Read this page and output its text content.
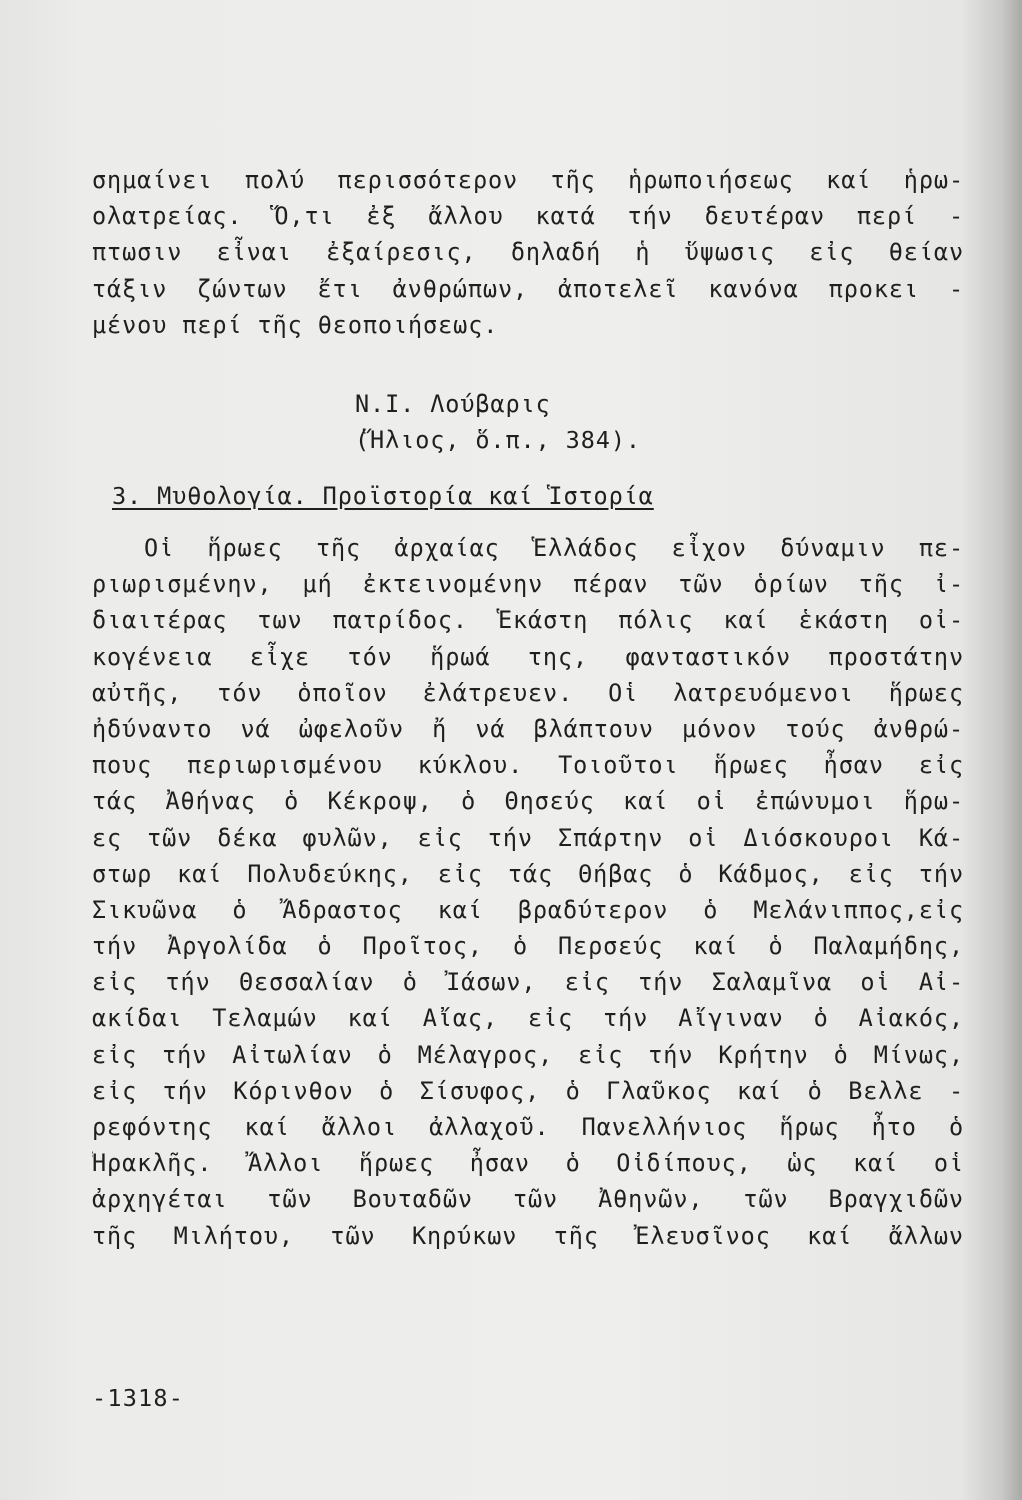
σημαίνει πολύ περισσότερον τῆς ἡρωποιήσεως καί ἡρω-
ολατρείας. Ὅ,τι ἐξ ἄλλου κατά τήν δευτέραν περί -
πτωσιν εἶναι ἐξαίρεσις, δηλαδή ἡ ὕψωσις εἰς θείαν
τάξιν ζώντων ἔτι ἀνθρώπων, ἀποτελεῖ κανόνα προκει -
μένου περί τῆς θεοποιήσεως.
Ν.Ι. Λούβαρις
(Ἥλιος, ὅ.π., 384).
3. Μυθολογία. Προϊστορία καί Ἱστορία
Οἱ ἥρωες τῆς ἀρχαίας Ἑλλάδος εἶχον δύναμιν πε-
ριωρισμένην, μή ἐκτεινομένην πέραν τῶν ὁρίων τῆς ἰ-
διαιτέρας των πατρίδος. Ἑκάστη πόλις καί ἑκάστη οἰ-
κογένεια εἶχε τόν ἥρωά της, φανταστικόν προστάτην
αὐτῆς, τόν ὁποῖον ἐλάτρευεν. Οἱ λατρευόμενοι ἥρωες
ἠδύναντο νά ὠφελοῦν ἤ νά βλάπτουν μόνον τούς ἀνθρώ-
πους περιωρισμένου κύκλου. Τοιοῦτοι ἥρωες ἦσαν εἰς
τάς Ἀθήνας ὁ Κέκροψ, ὁ Θησεύς καί οἱ ἐπώνυμοι ἥρω-
ες τῶν δέκα φυλῶν, εἰς τήν Σπάρτην οἱ Διόσκουροι Κά-
στωρ καί Πολυδεύκης, εἰς τάς Θήβας ὁ Κάδμος, εἰς τήν
Σικυῶνα ὁ Ἄδραστος καί βραδύτερον ὁ Μελάνιππος,εἰς
τήν Ἀργολίδα ὁ Προῖτος, ὁ Περσεύς καί ὁ Παλαμήδης,
εἰς τήν Θεσσαλίαν ὁ Ἰάσων, εἰς τήν Σαλαμῖνα οἱ Αἰ-
ακίδαι Τελαμών καί Αἴας, εἰς τήν Αἴγιναν ὁ Αἰακός,
εἰς τήν Αἰτωλίαν ὁ Μέλαγρος, εἰς τήν Κρήτην ὁ Μίνως,
εἰς τήν Κόρινθον ὁ Σίσυφος, ὁ Γλαῦκος καί ὁ Βελλε -
ρεφόντης καί ἄλλοι ἀλλαχοῦ. Πανελλήνιος ἥρως ἦτο ὁ
Ἡρακλῆς. Ἄλλοι ἥρωες ἦσαν ὁ Οἰδίπους, ὡς καί οἱ
ἀρχηγέται τῶν Βουταδῶν τῶν Ἀθηνῶν, τῶν Βραγχιδῶν
τῆς Μιλήτου, τῶν Κηρύκων τῆς Ἐλευσῖνος καί ἄλλων
-1318-
